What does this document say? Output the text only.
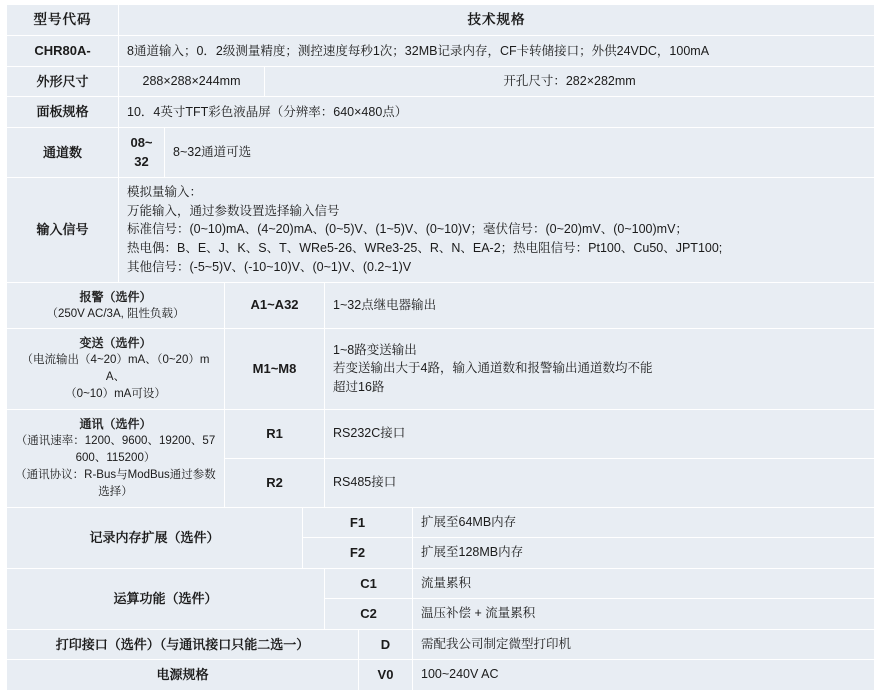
型号代码	技术规格							
CHR80A-	8通道输入；0．2级测量精度；测控速度每秒1次；32MB记录内存，CF卡转储接口；外供24VDC，100mA							
外形尺寸	288×288×244mm			开孔尺寸：282×282mm				
面板规格	10．4英寸TFT彩色液晶屏（分辨率：640×480点）							
通道数	08~32	8~32通道可选						
输入信号	模拟量输入：
万能输入，通过参数设置选择输入信号
标准信号：(0~10)mA、(4~20)mA、(0~5)V、(1~5)V、(0~10)V；毫伏信号：(0~20)mV、(0~100)mV；
热电偶：B、E、J、K、S、T、WRe5-26、WRe3-25、R、N、EA-2；热电阻信号：Pt100、Cu50、JPT100;
其他信号：(-5~5)V、(-10~10)V、(0~1)V、(0.2~1)V							

报警（选件）
（250V AC/3A, 阻性负载）			A1~A32			1~32点继电器输出		
变送（选件）
（电流输出（4~20）mA、（0~20）mA、
（0~10）mA可设）			M1~M8			1~8路变送输出
若变送输出大于4路，输入通道数和报警输出通道数均不能
超过16路		

通讯（选件）
（通讯速率：1200、9600、19200、57600、115200）
（通讯协议：R-Bus与ModBus通过参数选择）			R1			RS232C接口		
			R2			RS485接口		
记录内存扩展（选件）					F1			扩展至64MB内存
					F2			扩展至128MB内存
运算功能（选件）						C1		流量累积
						C2		温压补偿 + 流量累积
打印接口（选件）（与通讯接口只能二选一）							D	需配我公司制定微型打印机
电源规格							V0	100~240V AC
